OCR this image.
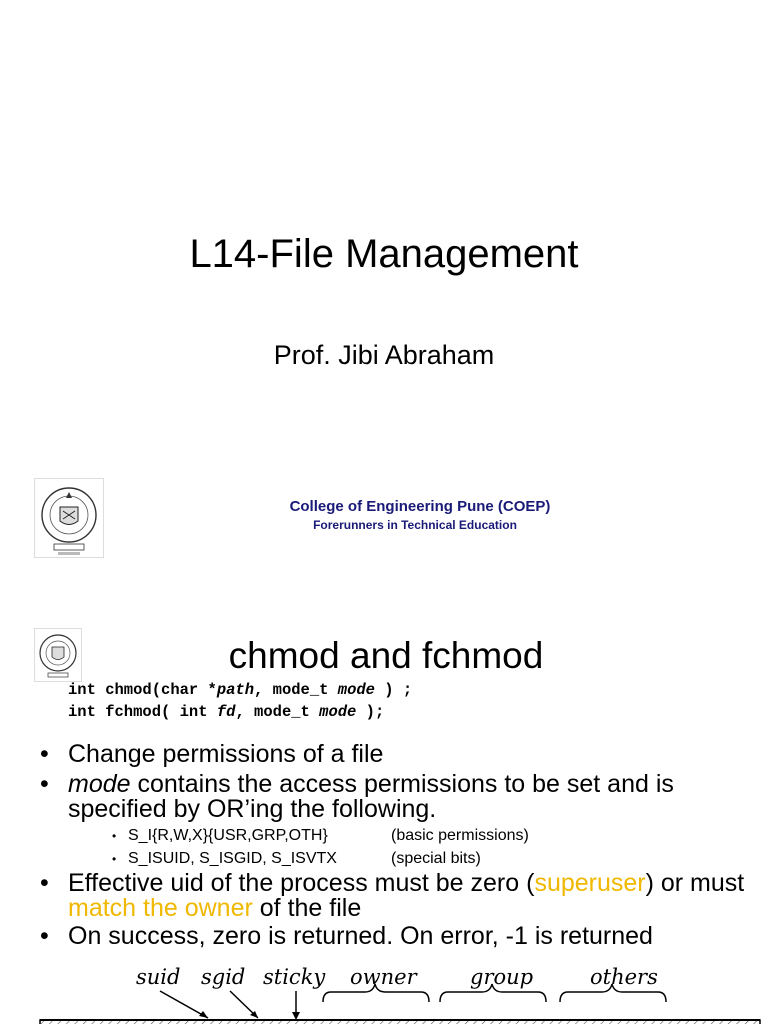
L14-File Management
Prof. Jibi Abraham
College of Engineering Pune (COEP)
Forerunners in Technical Education
chmod and fchmod
int chmod(char *path, mode_t mode ) ;
int fchmod( int fd, mode_t mode );
• Change permissions of a file
• mode contains the access permissions to be set and is specified by OR’ing the following.
• S_I{R,W,X}{USR,GRP,OTH}	(basic permissions)
• S_ISUID, S_ISGID, S_ISVTX	(special bits)
• Effective uid of the process must be zero (superuser) or must match the owner of the file
• On success, zero is returned. On error, -1 is returned
suid sgid sticky owner	group	others
